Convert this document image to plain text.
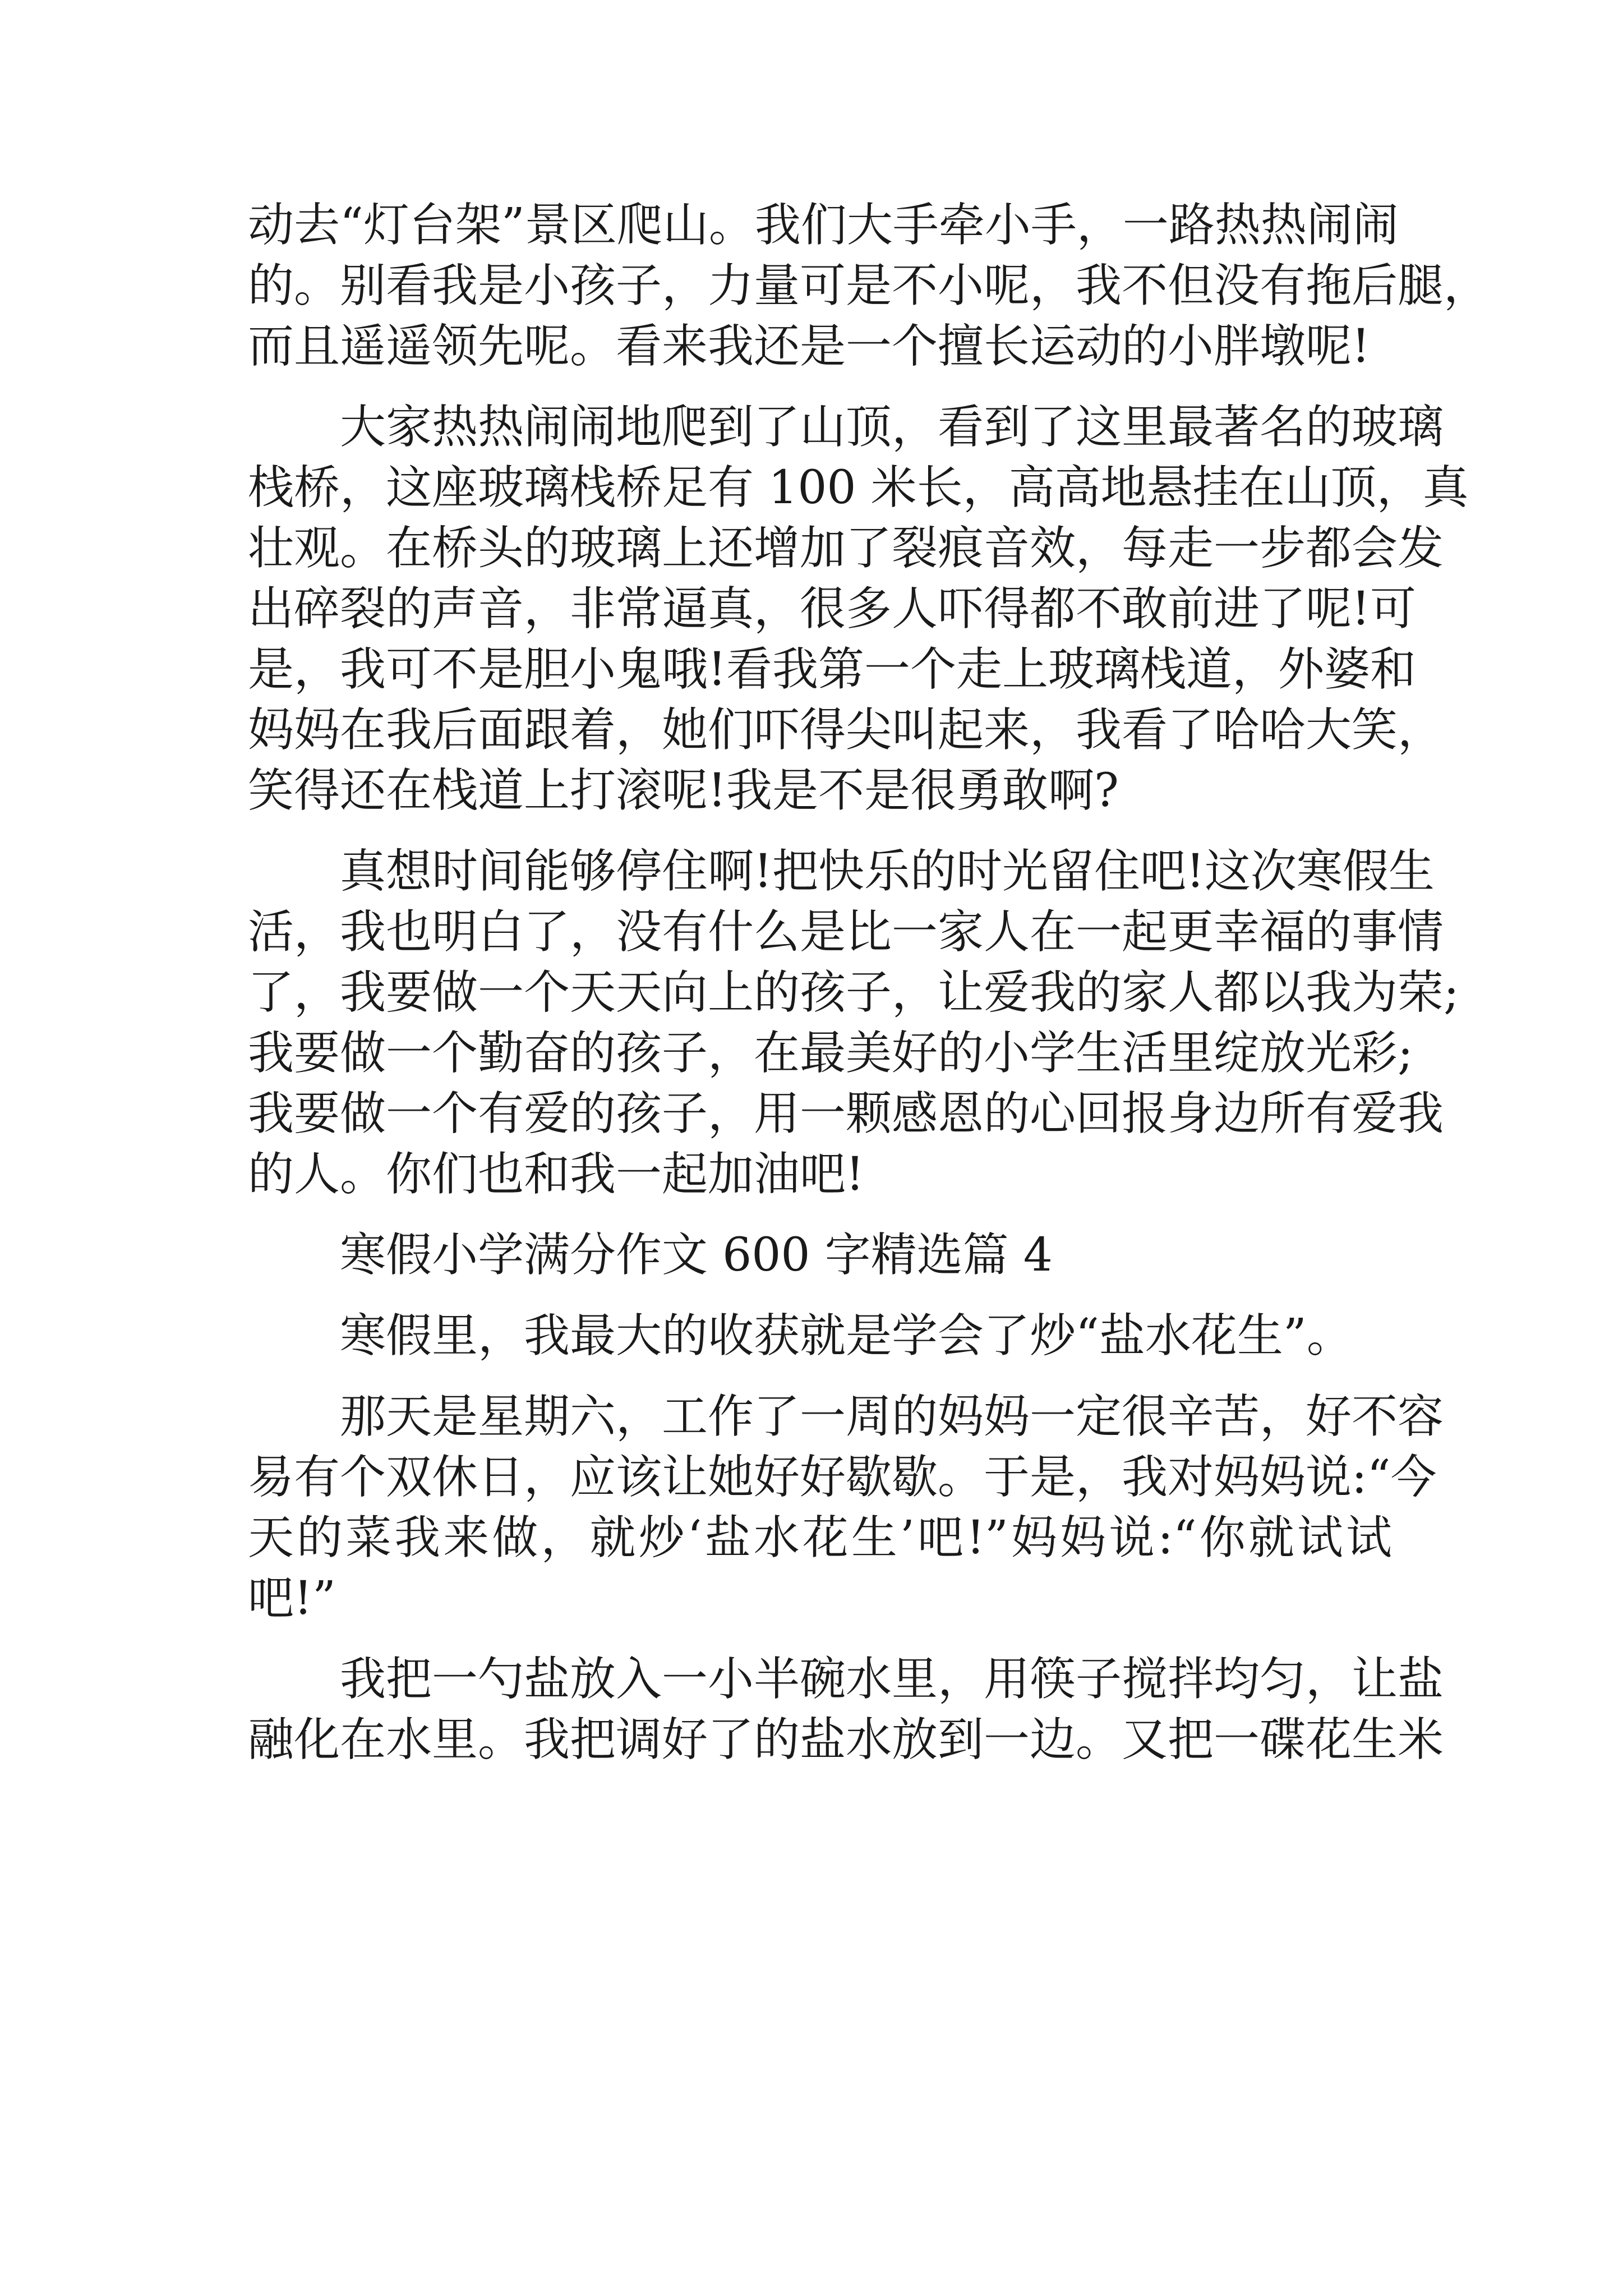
动去“灯台架”景区爬山。我们大手牵小手，一路热热闹闹
的。别看我是小孩子，力量可是不小呢，我不但没有拖后腿，
而且遥遥领先呢。看来我还是一个擅长运动的小胖墩呢!
大家热热闹闹地爬到了山顶，看到了这里最著名的玻璃
栈桥，这座玻璃栈桥足有 100 米长，高高地悬挂在山顶，真
壮观。在桥头的玻璃上还增加了裂痕音效，每走一步都会发
出碎裂的声音，非常逼真，很多人吓得都不敢前进了呢!可
是，我可不是胆小鬼哦!看我第一个走上玻璃栈道，外婆和
妈妈在我后面跟着，她们吓得尖叫起来，我看了哈哈大笑，
笑得还在栈道上打滚呢!我是不是很勇敢啊?
真想时间能够停住啊!把快乐的时光留住吧!这次寒假生
活，我也明白了，没有什么是比一家人在一起更幸福的事情
了，我要做一个天天向上的孩子，让爱我的家人都以我为荣;
我要做一个勤奋的孩子，在最美好的小学生活里绽放光彩;
我要做一个有爱的孩子，用一颗感恩的心回报身边所有爱我
的人。你们也和我一起加油吧!
寒假小学满分作文 600 字精选篇 4
寒假里，我最大的收获就是学会了炒“盐水花生”。
那天是星期六，工作了一周的妈妈一定很辛苦，好不容
易有个双休日，应该让她好好歇歇。于是，我对妈妈说:“今
天的菜我来做，就炒‘盐水花生’吧!”妈妈说:“你就试试
吧!”
我把一勺盐放入一小半碗水里，用筷子搅拌均匀，让盐
融化在水里。我把调好了的盐水放到一边。又把一碟花生米
